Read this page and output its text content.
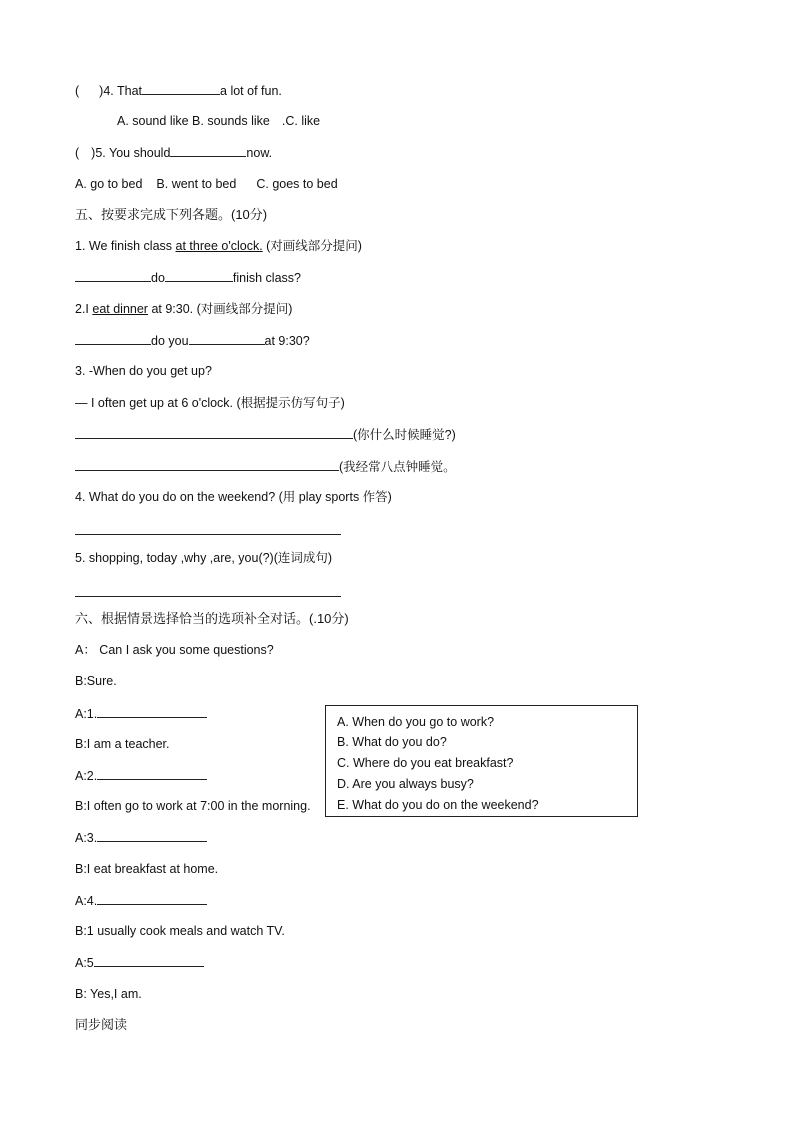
( )4. That	a lot of fun.
A. sound like B. sounds like .C. like
( )5. You should	now.
A. go to bed B. went to bed C. goes to bed
五、按要求完成下列各题。(10分)
1. We finish class at three o'clock. (对画线部分提问)
do	finish class?
2.I eat dinner at 9:30. (对画线部分提问)
do you	at 9:30?
3. -When do you get up?
— I often get up at 6 o'clock. (根据提示仿写句子)
(你什么时候睡觉?)
(我经常八点钟睡觉。
4. What do you do on the weekend? (用 play sports 作答)
5. shopping, today ,why ,are, you(?)(连词成句)
六、根据情景选择恰当的选项补全对话。(.10分)
A： Can I ask you some questions?
B:Sure.
A:1.
B:I am a teacher.
A:2.
B:I often go to work at 7:00 in the morning.
A:3.
B:I eat breakfast at home.
A:4.
B:1 usually cook meals and watch TV.
A:5
B: Yes,I am.
A. When do you go to work?
B. What do you do?
C. Where do you eat breakfast?
D. Are you always busy?
E. What do you do on the weekend?
同步阅读
